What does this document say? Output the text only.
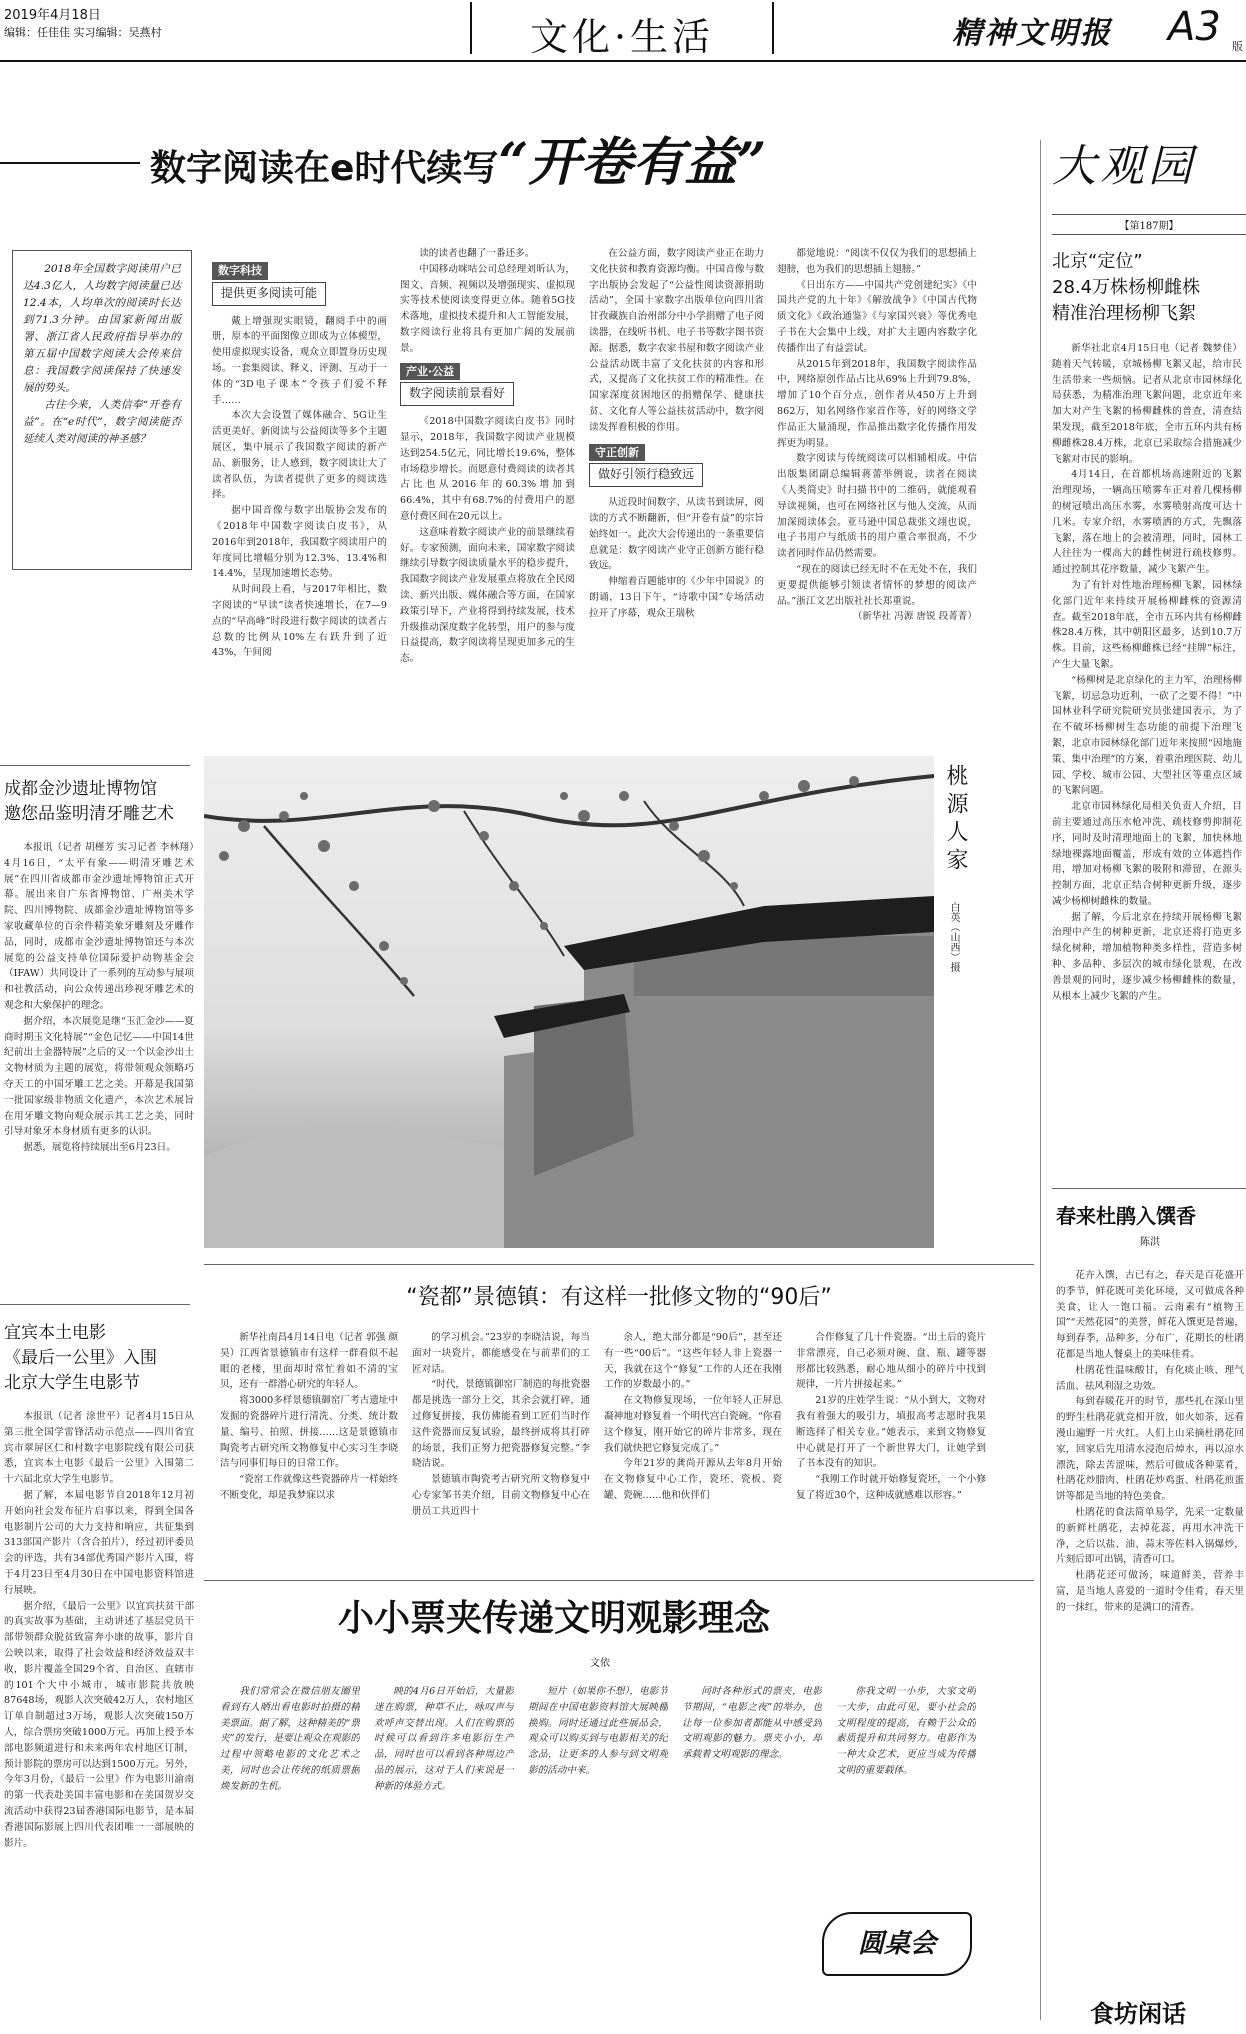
2019年4月18日
编辑：任佳佳 实习编辑：吴燕村	文化·生活	精神文明报 A3 版
数字阅读在e时代续写“开卷有益”

2018年全国数字阅读用户已达4.3亿人，人均数字阅读量已达12.4本，人均单次的阅读时长达到71.3分钟。由国家新闻出版署、浙江省人民政府指导举办的第五届中国数字阅读大会传来信息：我国数字阅读保持了快速发展的势头。

古往今来，人类信奉“开卷有益”。在“e时代”，数字阅读能否延续人类对阅读的神圣感？

数字科技
提供更多阅读可能

戴上增强现实眼镜，翻阅手中的画册，原本的平面图像立即成为立体模型，使用虚拟现实设备，观众立即置身历史现场。一套集阅读、释义、评测、互动于一体的“3D电子课本”令孩子们爱不释手……

本次大会设置了媒体融合、5G让生活更美好、新阅读与公益阅读等多个主题展区，集中展示了我国数字阅读的新产品、新服务，让人感到，数字阅读让大了读者队伍，为读者提供了更多的阅读选择。

据中国音像与数字出版协会发布的《2018年中国数字阅读白皮书》，从2016年到2018年，我国数字阅读用户的年度同比增幅分别为12.3%、13.4%和14.4%，呈现加速增长态势。

从时间段上看，与2017年相比，数字阅读的“早读”读者快速增长，在7—9点的“早高峰”时段进行数字阅读的读者占总数的比例从10%左右跃升到了近43%，午间阅

读的读者也翻了一番还多。

中国移动咪咕公司总经理刘昕认为，图文、音频、视频以及增强现实、虚拟现实等技术使阅读变得更立体。随着5G技术落地，虚拟技术提升和人工智能发展，数字阅读行业将具有更加广阔的发展前景。

产业·公益
数字阅读前景看好

《2018中国数字阅读白皮书》同时显示，2018年，我国数字阅读产业规模达到254.5亿元，同比增长19.6%，整体市场稳步增长。而愿意付费阅读的读者其占比也从2016年的60.3%增加到66.4%，其中有68.7%的付费用户的愿意付费区间在20元以上。

这意味着数字阅读产业的前景继续看好。专家预测，面向未来，国家数字阅读继续引导数字阅读质量水平的稳步提升，我国数字阅读产业发展重点将放在全民阅读、新兴出版、媒体融合等方面，在国家政策引导下，产业将得到持续发展，技术升级推动深度数字化转型，用户的参与度日益提高，数字阅读将呈现更加多元的生态。

在公益方面，数字阅读产业正在助力文化扶贫和教育资源均衡。中国音像与数字出版协会发起了“公益性阅读资源捐助活动”，全国十家数字出版单位向四川省甘孜藏族自治州部分中小学捐赠了电子阅读器，在线听书机、电子书等数字图书资源。据悉，数字农家书屋和数字阅读产业公益活动既丰富了文化扶贫的内容和形式，又提高了文化扶贫工作的精准性。在国家深度贫困地区的捐赠保学、健康扶贫、文化育人等公益扶贫活动中，数字阅读发挥着积极的作用。

守正创新
做好引领行稳致远

从近段时间数字、从读书到读屏，阅读的方式不断翻新，但“开卷有益”的宗旨始终如一。此次大会传递出的一条重要信息就是：数字阅读产业守正创新方能行稳致远。

伸缩着百题能审的《少年中国说》的朗诵，13日下午，“诗歌中国”专场活动拉开了序幕，观众王瑞秋

都觉地说：“阅读不仅仅为我们的思想插上翅膀，也为我们的思想插上翅膀。”

《日出东方——中国共产党创建纪实》《中国共产党的九十年》《解放战争》《中国古代物质文化》《政治通鉴》《与家国兴衰》等优秀电子书在大会集中上线，对扩大主题内容数字化传播作出了有益尝试。

从2015年到2018年，我国数字阅读作品中，网络原创作品占比从69%上升到79.8%，增加了10个百分点，创作者从450万上升到862万，知名网络作家首作等，好的网络文学作品正大量涌现，作品推出数字化传播作用发挥更为明显。

数字阅读与传统阅读可以相辅相成。中信出版集团副总编辑蒋蕾举例说，读者在阅读《人类简史》时扫描书中的二维码，就能观看导读视频，也可在网络社区与他人交流，从而加深阅读体会。亚马逊中国总裁张文翊也说，电子书用户与纸质书的用户重合率很高，不少读者同时作品仍然需要。

“现在的阅读已经无时不在无处不在，我们更要提供能够引领读者情怀的梦想的阅读产品。”浙江文艺出版社社长郑重说。

（新华社 冯源 唐锐 段菁菁）

大观园
【第187期】
北京“定位”
28.4万株杨柳雌株
精准治理杨柳飞絮

新华社北京4月15日电（记者 魏梦佳）随着天气转暖，京城杨柳飞絮又起，给市民生活带来一些烦恼。记者从北京市园林绿化局获悉，为精准治理飞絮问题，北京近年来加大对产生飞絮的杨柳雌株的普查，清查结果发现，截至2018年底，全市五环内共有杨柳雌株28.4万株，北京已采取综合措施减少飞絮对市民的影响。

4月14日，在首都机场高速附近的飞絮治理现场，一辆高压喷雾车正对着几棵杨柳的树冠喷出高压水雾，水雾喷射高度可达十几米。专家介绍，水雾喷洒的方式，先飘落飞絮，落在地上的会被清理，同时，园林工人往往为一棵高大的雌性树进行疏枝修剪。通过控制其花序数量，减少飞絮产生。

为了有针对性地治理杨柳飞絮，园林绿化部门近年来持续开展杨柳雌株的资源清查。截至2018年底，全市五环内共有杨柳雌株28.4万株，其中朝阳区最多，达到10.7万株。目前，这些杨柳雌株已经“挂牌”标注，产生大量飞絮。

“杨柳树是北京绿化的主力军，治理杨柳飞絮，切忌急功近利，一砍了之要不得！”中国林业科学研究院研究员张建国表示，为了在不破坏杨柳树生态功能的前提下治理飞絮，北京市园林绿化部门近年来按照“因地施策、集中治理”的方案，着重治理医院、幼儿园、学校、城市公园、大型社区等重点区域的飞絮问题。

北京市园林绿化局相关负责人介绍，目前主要通过高压水枪冲洗、疏枝修剪抑制花序，同时及时清理地面上的飞絮，加快林地绿地裸露地面覆盖，形成有效的立体遮挡作用，增加对杨柳飞絮的吸附和滞留，在源头控制方面，北京正结合树种更新升级，逐步减少杨柳树雌株的数量。

据了解，今后北京在持续开展杨柳飞絮治理中产生的树种更新，北京还将打造更多绿化树种，增加植物种类多样性，营造多树种、多品种、多层次的城市绿化景观，在改善景观的同时，逐步减少杨柳雌株的数量，从根本上减少飞絮的产生。

成都金沙遗址博物馆
邀您品鉴明清牙雕艺术

本报讯（记者 胡槿芳 实习记者 李林翔）4月16日，“太平有象——明清牙雕艺术展”在四川省成都市金沙遗址博物馆正式开幕。展出来自广东省博物馆、广州美术学院、四川博物院、成都金沙遗址博物馆等多家收藏单位的百余件精美象牙雕刻及牙雕作品，同时，成都市金沙遗址博物馆还与本次展览的公益支持单位国际爱护动物基金会（IFAW）共同设计了一系列的互动参与展项和社教活动，向公众传递出珍视牙雕艺术的观念和大象保护的理念。

据介绍，本次展览是继“玉汇金沙——夏商时期玉文化特展”“金色记忆——中国14世纪前出土金器特展”之后的又一个以金沙出土文物材质为主题的展览，将带领观众领略巧夺天工的中国牙雕工艺之美。开幕是我国第一批国家级非物质文化遗产，本次艺术展旨在用牙雕文物向观众展示其工艺之美，同时引导对象牙本身材质有更多的认识。

据悉，展览将持续展出至6月23日。

桃源人家
白英（山西）摄
春来杜鹃入馔香
陈洪

花卉入馔，古已有之，春天是百花盛开的季节，鲜花既可美化环境，又可做成各种美食，让人一饱口福。云南素有“植物王国”“天然花园”的美誉，鲜花入馔更是普遍，每到春季，品种多，分布广，花期长的杜鹃花都是当地人餐桌上的美味佳肴。

杜鹃花性温味酸甘，有化痰止咳、理气活血、祛风利湿之功效。

每到春暖花开的时节，那些扎在深山里的野生杜鹃花就竞相开放，如火如荼，远看漫山遍野一片火红。人们上山采摘杜鹃花回家，回家后先用清水浸泡后焯水，再以凉水漂洗，除去苦涩味，然后可做成各种菜肴，杜鹃花炒腊肉、杜鹃花炒鸡蛋、杜鹃花煎蛋饼等都是当地的特色美食。

杜鹃花的食法简单易学，先采一定数量的新鲜杜鹃花，去掉花蕊，再用水冲洗干净，之后以盐、油、蒜末等佐料入锅爆炒，片刻后即可出锅，清香可口。

杜鹃花还可做汤，味道鲜美，营养丰富，是当地人喜爱的一道时令佳肴，春天里的一抹红，带来的是满口的清香。

食坊闲话
“瓷都”景德镇：有这样一批修文物的“90后”

新华社南昌4月14日电（记者 郭强 颜昊）江西省景德镇市有这样一群看似不起眼的老楼，里面却时常忙着如不清的宝贝，还有一群潜心研究的年轻人。

将3000多样景德镇御窑厂考古遗址中发掘的瓷器碎片进行清洗、分类、统计数量、编号、拍照、拼接……这是景德镇市陶瓷考古研究所文物修复中心实习生李晓洁与同事们每日的日常工作。

“瓷窑工作就像这些瓷器碎片一样始终不断变化，却是我梦寐以求

的学习机会。”23岁的李晓洁说，每当面对一块瓷片，都能感受在与前辈们的工匠对话。

“时代，景德镇御窑厂制造的每批瓷器都是挑选一部分上交，其余会就打碎，通过修复拼接，我仿佛能看到工匠们当时作这件瓷器而反复试验，最终拼成将其打碎的场景，我们正努力把瓷器修复完整。”李晓洁说。

景德镇市陶瓷考古研究所文物修复中心专家邹书美介绍，目前文物修复中心在册员工共近四十

余人，绝大部分都是“90后”，甚至还有一些“00后”。“这些年轻人非上瓷器一天，我就在这个“修复”工作的人还在我刚工作的岁数最小的。”

在文物修复现场，一位年轻人正屏息凝神地对修复着一个明代宫白瓷碗。“你看这个修复，刚开始它的碎片非常多，现在我们就快把它修复完成了。”

今年21岁的龚尚开源从去年8月开始在文物修复中心工作，瓷坯、瓷板、瓷罐、瓷碗……他和伙伴们

合作修复了几十件瓷器。“出土后的瓷片非常漂亮，自己必须对碗、盘、瓶、罐等器形都比较熟悉，耐心地从细小的碎片中找到规律，一片片拼接起来。”

21岁的庄姓学生说：“从小到大，文物对我有着强大的吸引力，填报高考志愿时我果断选择了相关专业。”她表示，来到文物修复中心就是打开了一个新世界大门，让她学到了书本没有的知识。

“我刚工作时就开始修复瓷坯，一个小修复了将近30个，这种成就感难以形容。”

宜宾本土电影
《最后一公里》入围
北京大学生电影节

本报讯（记者 涂世平）记者4月15日从第三批全国学雷锋活动示范点——四川省宜宾市翠屏区仁和村数字电影院线有限公司获悉，宜宾本土电影《最后一公里》入围第二十六届北京大学生电影节。

据了解，本届电影节自2018年12月初开始向社会发布征片启事以来，得到全国各电影制片公司的大力支持和响应，共征集到313部国产影片（含合拍片），经过初评委员会的评选，共有34部优秀国产影片入围，将于4月23日至4月30日在中国电影资料馆进行展映。

据介绍，《最后一公里》以宜宾扶贫干部的真实故事为基础，主动讲述了基层党员干部带领群众脱贫致富奔小康的故事，影片自公映以来，取得了社会效益和经济效益双丰收，影片覆盖全国29个省、自治区、直辖市的101个大中小城市，城市影院共放映87648场，观影人次突破42万人，农村地区订单自制超过3万场，观影人次突破150万人，综合票房突破1000万元。再加上授予本部电影频道进行和未来两年农村地区订制，预计影院的票房可以达到1500万元。另外，今年3月份，《最后一公里》作为电影川渝南的第一代表赴美国丰富电影和在美国贺岁交流活动中获得23届香港国际电影节，是本届香港国际影展上四川代表团唯一一部展映的影片。

小小票夹传递文明观影理念
文依

我们常常会在微信朋友圈里看到有人晒出看电影时拍摄的精美票面。据了解，这种精美的“票夹”的发行，是要让观众在观影的过程中领略电影的文化艺术之美，同时也会让传统的纸质票据焕发新的生机。

映的4月6日开始后，大量影迷在购票，种草不止，咏叹声与欢呼声交替出现。人们在购票的时候可以看到许多电影衍生产品，同时也可以看到各种周边产品的展示，这对于人们来说是一种新的体验方式。

短片（如果你不想），电影节期间在中国电影资料馆大展映棚换购。同时还通过此些展品会，观众可以购买到与电影相关的纪念品，让更多的人参与到文明观影的活动中来。

同时各种形式的票夹，电影节期间，“电影之夜”的举办，也让每一位参加者都能从中感受到文明观影的魅力。票夹小小，却承载着文明观影的理念。

你我文明一小步，大家文明一大步，由此可见，要小社会的文明程度的提高，有赖于公众的素质提升和共同努力。电影作为一种大众艺术，更应当成为传播文明的重要载体。

圆桌会
